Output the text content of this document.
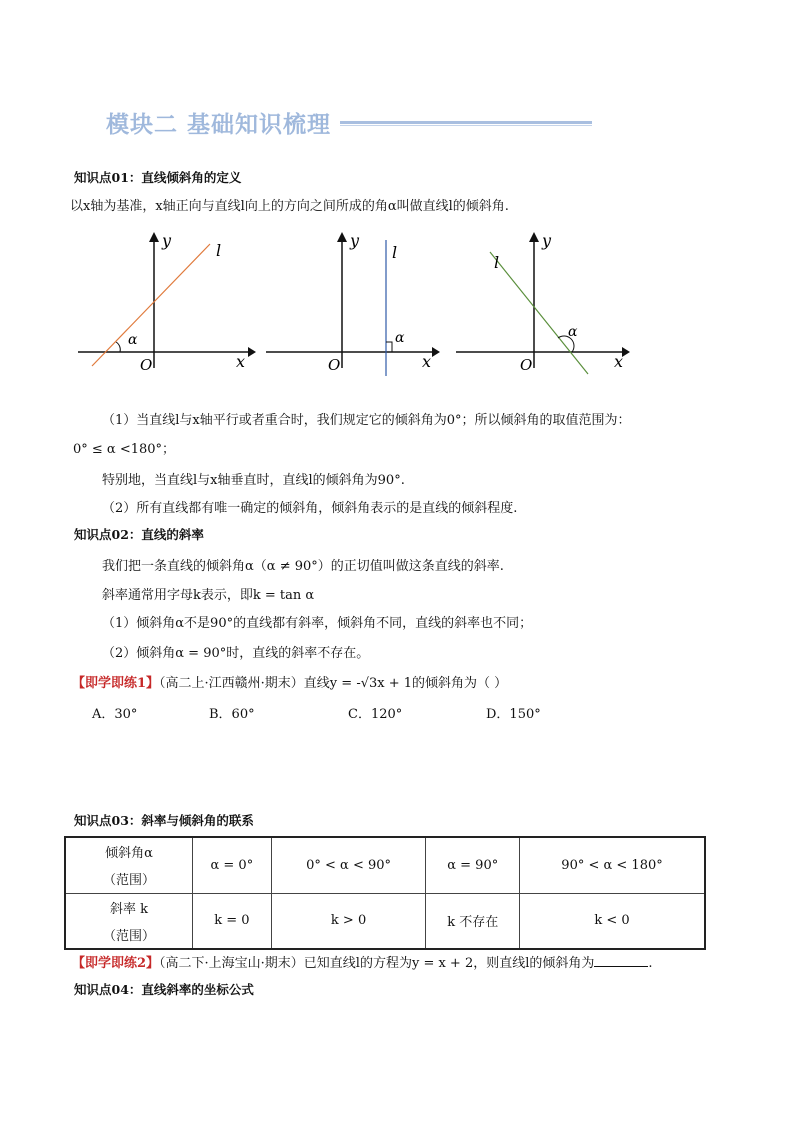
模块二 基础知识梳理
知识点01：直线倾斜角的定义
以x轴为基准，x轴正向与直线l向上的方向之间所成的角α叫做直线l的倾斜角.
y
l
α
O	x
y
l
α
O	x
y
l
α
O	x
（1）当直线l与x轴平行或者重合时，我们规定它的倾斜角为0°；所以倾斜角的取值范围为：
0° ≤ α <180°；
特别地，当直线l与x轴垂直时，直线l的倾斜角为90°.
（2）所有直线都有唯一确定的倾斜角，倾斜角表示的是直线的倾斜程度.
知识点02：直线的斜率
我们把一条直线的倾斜角α（α ≠ 90°）的正切值叫做这条直线的斜率.
斜率通常用字母k表示，即k = tan α
（1）倾斜角α不是90°的直线都有斜率，倾斜角不同，直线的斜率也不同；
（2）倾斜角α = 90°时，直线的斜率不存在。
【即学即练1】（高二上·江西赣州·期末）直线y = -√3x + 1的倾斜角为（ ）
A．30°	B．60°	C．120°	D．150°
知识点03：斜率与倾斜角的联系
倾斜角α
（范围）	α = 0°	0° < α < 90°	α = 90°	90° < α < 180°

斜率 k
（范围）	k = 0	k > 0	k 不存在	k < 0
【即学即练2】（高二下·上海宝山·期末）已知直线l的方程为y = x + 2，则直线l的倾斜角为	.
知识点04：直线斜率的坐标公式
